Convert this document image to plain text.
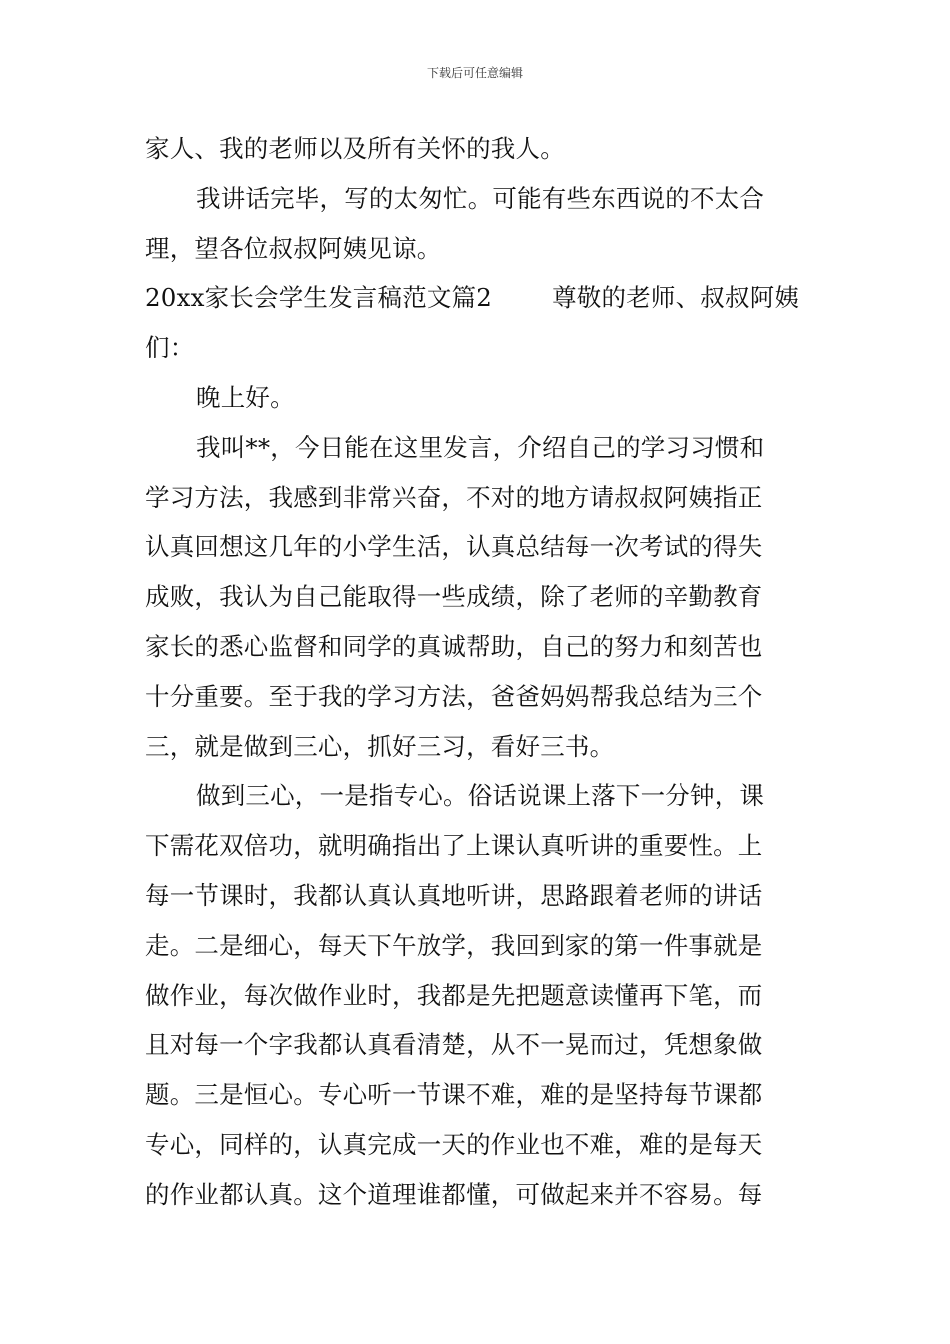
下载后可任意编辑
家人、我的老师以及所有关怀的我人。
我讲话完毕，写的太匆忙。可能有些东西说的不太合
理，望各位叔叔阿姨见谅。
20xx家长会学生发言稿范文篇2 尊敬的老师、叔叔阿姨
们：
晚上好。
我叫**，今日能在这里发言，介绍自己的学习习惯和
学习方法，我感到非常兴奋，不对的地方请叔叔阿姨指正
认真回想这几年的小学生活，认真总结每一次考试的得失
成败，我认为自己能取得一些成绩，除了老师的辛勤教育
家长的悉心监督和同学的真诚帮助，自己的努力和刻苦也
十分重要。至于我的学习方法，爸爸妈妈帮我总结为三个
三，就是做到三心，抓好三习，看好三书。
做到三心，一是指专心。俗话说课上落下一分钟，课
下需花双倍功，就明确指出了上课认真听讲的重要性。上
每一节课时，我都认真认真地听讲，思路跟着老师的讲话
走。二是细心，每天下午放学，我回到家的第一件事就是
做作业，每次做作业时，我都是先把题意读懂再下笔，而
且对每一个字我都认真看清楚，从不一晃而过，凭想象做
题。三是恒心。专心听一节课不难，难的是坚持每节课都
专心，同样的，认真完成一天的作业也不难，难的是每天
的作业都认真。这个道理谁都懂，可做起来并不容易。每
